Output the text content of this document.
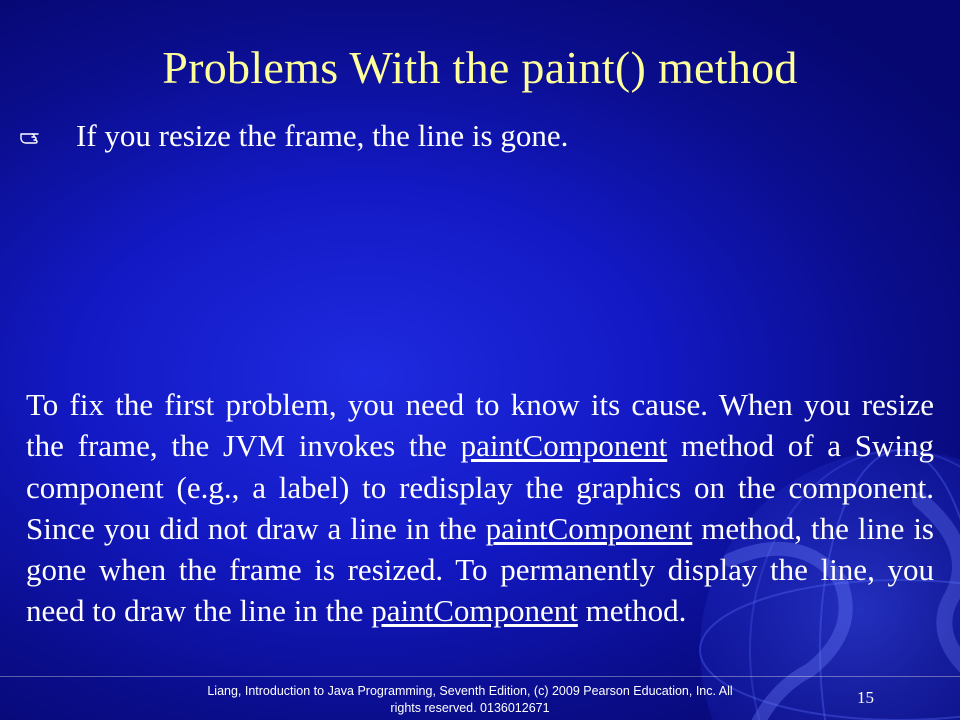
Problems With the paint() method
If you resize the frame, the line is gone.

To fix the first problem, you need to know its cause. When you resize the frame, the JVM invokes the paintComponent method of a Swing component (e.g., a label) to redisplay the graphics on the component. Since you did not draw a line in the paintComponent method, the line is gone when the frame is resized. To permanently display the line, you need to draw the line in the paintComponent method.

Liang, Introduction to Java Programming, Seventh Edition, (c) 2009 Pearson Education, Inc. All
rights reserved. 0136012671
15
